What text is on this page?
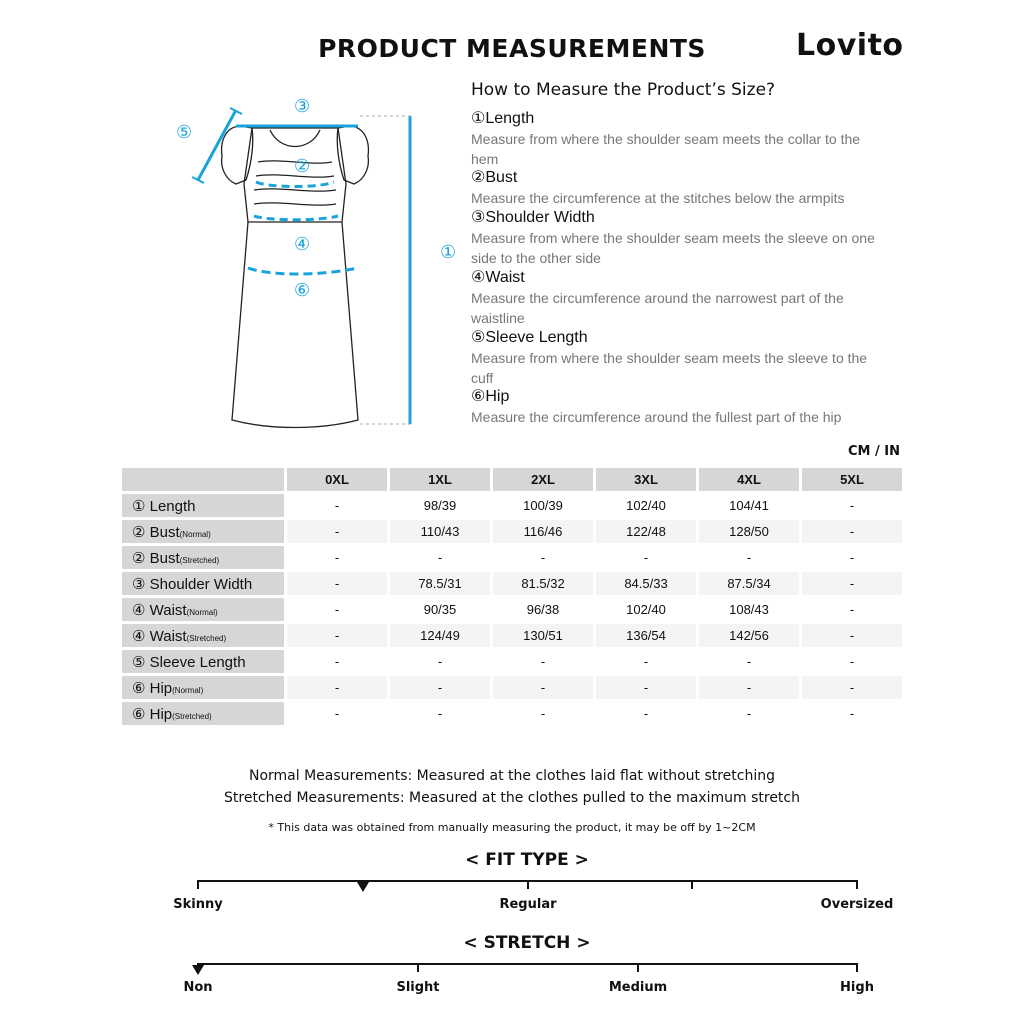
PRODUCT MEASUREMENTS	Lovito
①
②
③
④
⑤
⑥
How to Measure the Product’s Size?
①Length
Measure from where the shoulder seam meets the collar to the hem
②Bust
Measure the circumference at the stitches below the armpits
③Shoulder Width
Measure from where the shoulder seam meets the sleeve on one side to the other side
④Waist
Measure the circumference around the narrowest part of the waistline
⑤Sleeve Length
Measure from where the shoulder seam meets the sleeve to the cuff
⑥Hip
Measure the circumference around the fullest part of the hip
CM / IN
	0XL	1XL	2XL	3XL	4XL	5XL
① Length	-	98/39	100/39	102/40	104/41	-
② Bust(Normal)	-	110/43	116/46	122/48	128/50	-
② Bust(Stretched)	-	-	-	-	-	-
③ Shoulder Width	-	78.5/31	81.5/32	84.5/33	87.5/34	-
④ Waist(Normal)	-	90/35	96/38	102/40	108/43	-
④ Waist(Stretched)	-	124/49	130/51	136/54	142/56	-
⑤ Sleeve Length	-	-	-	-	-	-
⑥ Hip(Normal)	-	-	-	-	-	-
⑥ Hip(Stretched)	-	-	-	-	-	-
Normal Measurements: Measured at the clothes laid flat without stretching
Stretched Measurements: Measured at the clothes pulled to the maximum stretch
* This data was obtained from manually measuring the product, it may be off by 1~2CM
< FIT TYPE >
Skinny	Regular	Oversized
< STRETCH >
Non	Slight	Medium	High
